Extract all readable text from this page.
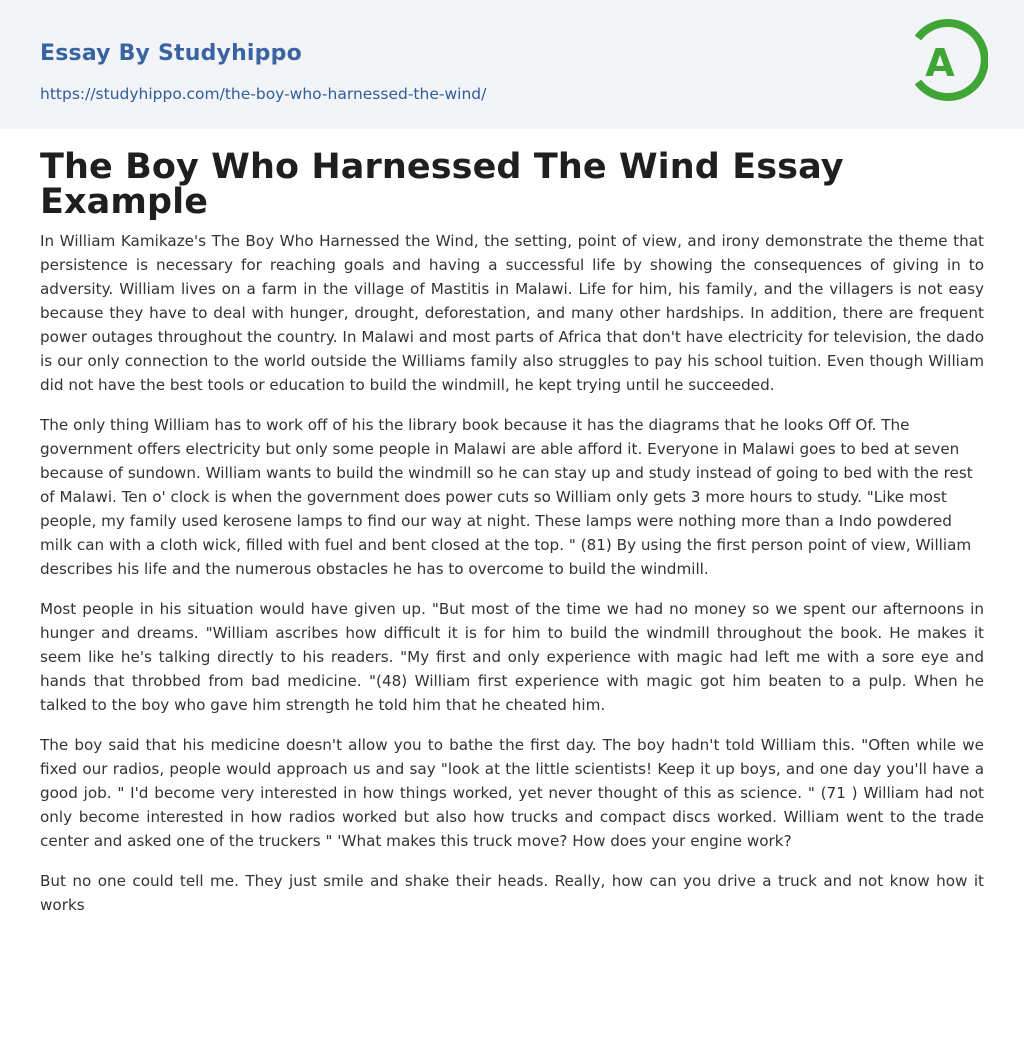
Essay By Studyhippo
https://studyhippo.com/the-boy-who-harnessed-the-wind/
A
The Boy Who Harnessed The Wind Essay Example

In William Kamikaze's The Boy Who Harnessed the Wind, the setting, point of view, and irony demonstrate the theme that persistence is necessary for reaching goals and having a successful life by showing the consequences of giving in to adversity. William lives on a farm in the village of Mastitis in Malawi. Life for him, his family, and the villagers is not easy because they have to deal with hunger, drought, deforestation, and many other hardships. In addition, there are frequent power outages throughout the country. In Malawi and most parts of Africa that don't have electricity for television, the dado is our only connection to the world outside the Williams family also struggles to pay his school tuition. Even though William did not have the best tools or education to build the windmill, he kept trying until he succeeded.

The only thing William has to work off of his the library book because it has the diagrams that he looks Off Of. The government offers electricity but only some people in Malawi are able afford it. Everyone in Malawi goes to bed at seven because of sundown. William wants to build the windmill so he can stay up and study instead of going to bed with the rest of Malawi. Ten o' clock is when the government does power cuts so William only gets 3 more hours to study. "Like most people, my family used kerosene lamps to find our way at night. These lamps were nothing more than a Indo powdered milk can with a cloth wick, filled with fuel and bent closed at the top. " (81) By using the first person point of view, William describes his life and the numerous obstacles he has to overcome to build the windmill.

Most people in his situation would have given up. "But most of the time we had no money so we spent our afternoons in hunger and dreams. "William ascribes how difficult it is for him to build the windmill throughout the book. He makes it seem like he's talking directly to his readers. "My first and only experience with magic had left me with a sore eye and hands that throbbed from bad medicine. "(48) William first experience with magic got him beaten to a pulp. When he talked to the boy who gave him strength he told him that he cheated him.

The boy said that his medicine doesn't allow you to bathe the first day. The boy hadn't told William this. "Often while we fixed our radios, people would approach us and say "look at the little scientists! Keep it up boys, and one day you'll have a good job. " I'd become very interested in how things worked, yet never thought of this as science. " (71 ) William had not only become interested in how radios worked but also how trucks and compact discs worked. William went to the trade center and asked one of the truckers " 'What makes this truck move? How does your engine work?

But no one could tell me. They just smile and shake their heads. Really, how can you drive a truck and not know how it works
